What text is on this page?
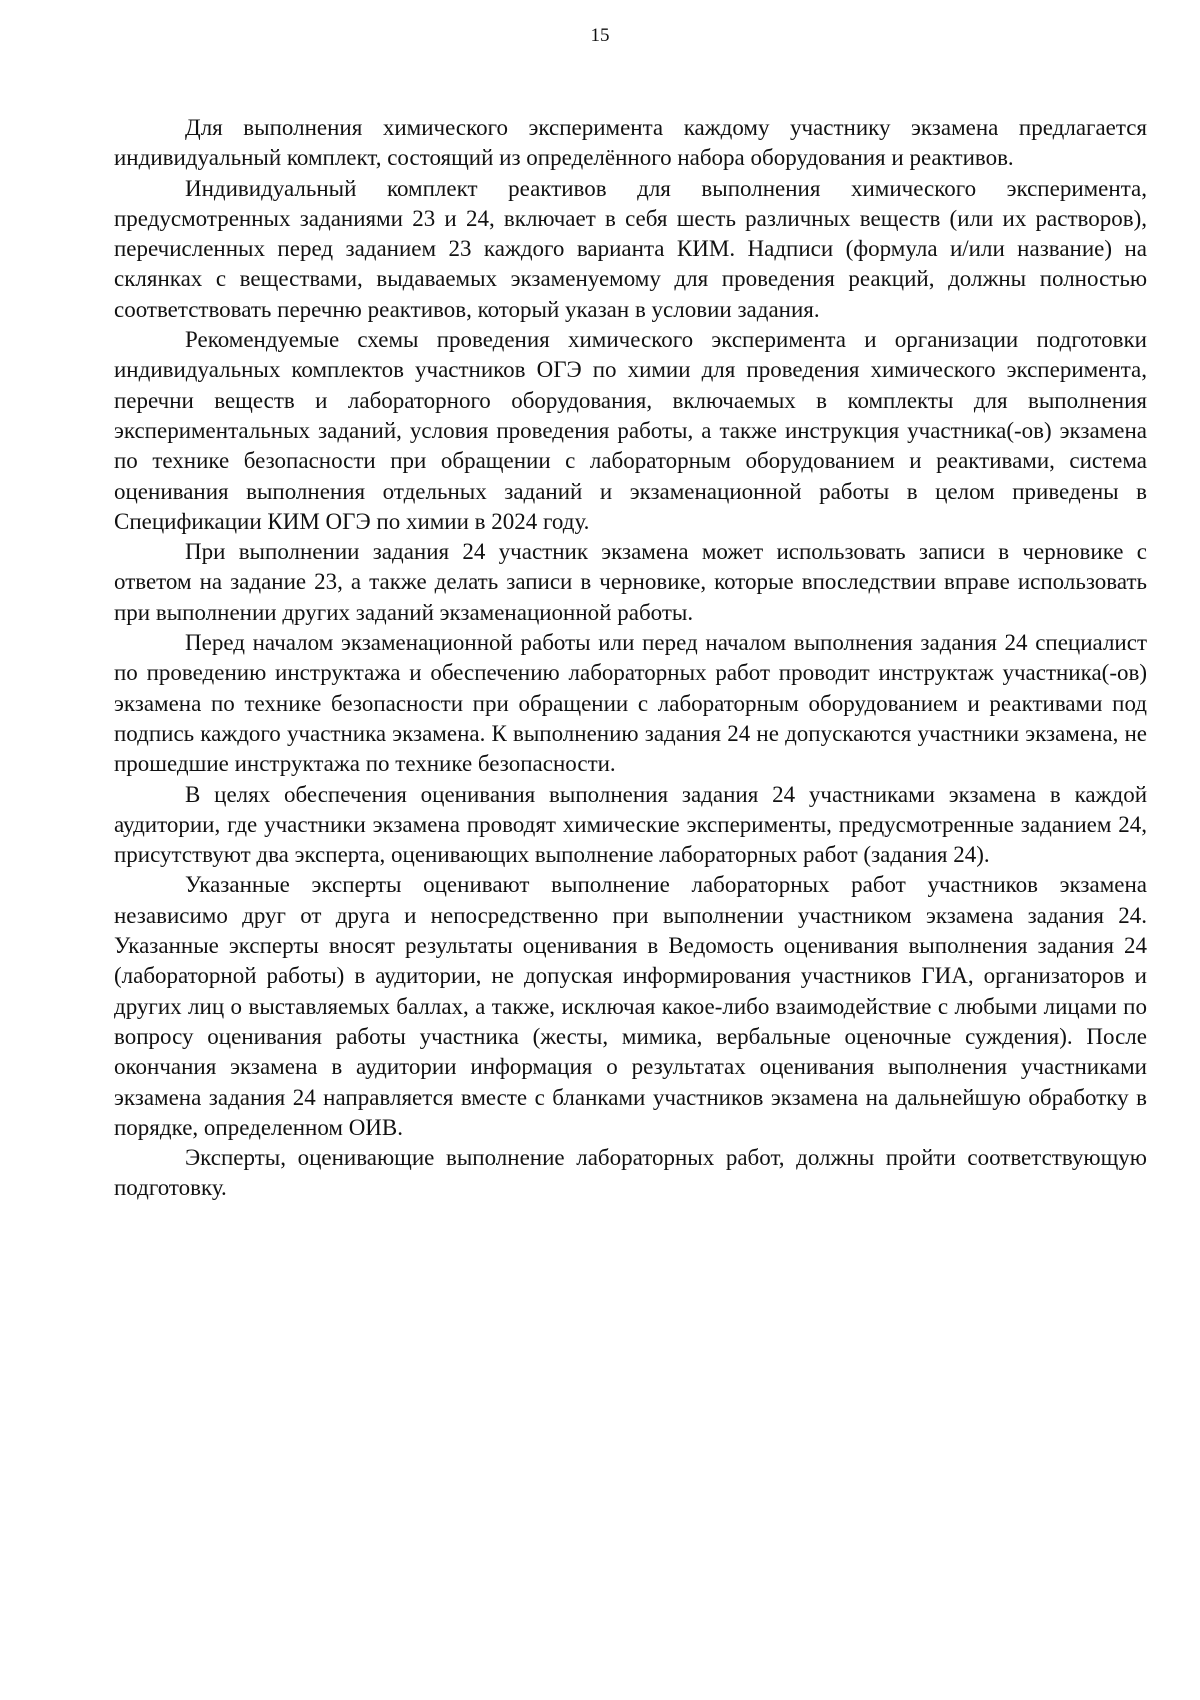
15

Для выполнения химического эксперимента каждому участнику экзамена предлагается индивидуальный комплект, состоящий из определённого набора оборудования и реактивов.

Индивидуальный комплект реактивов для выполнения химического эксперимента, предусмотренных заданиями 23 и 24, включает в себя шесть различных веществ (или их растворов), перечисленных перед заданием 23 каждого варианта КИМ. Надписи (формула и/или название) на склянках с веществами, выдаваемых экзаменуемому для проведения реакций, должны полностью соответствовать перечню реактивов, который указан в условии задания.

Рекомендуемые схемы проведения химического эксперимента и организации подготовки индивидуальных комплектов участников ОГЭ по химии для проведения химического эксперимента, перечни веществ и лабораторного оборудования, включаемых в комплекты для выполнения экспериментальных заданий, условия проведения работы, а также инструкция участника(-ов) экзамена по технике безопасности при обращении с лабораторным оборудованием и реактивами, система оценивания выполнения отдельных заданий и экзаменационной работы в целом приведены в Спецификации КИМ ОГЭ по химии в 2024 году.

При выполнении задания 24 участник экзамена может использовать записи в черновике с ответом на задание 23, а также делать записи в черновике, которые впоследствии вправе использовать при выполнении других заданий экзаменационной работы.

Перед началом экзаменационной работы или перед началом выполнения задания 24 специалист по проведению инструктажа и обеспечению лабораторных работ проводит инструктаж участника(-ов) экзамена по технике безопасности при обращении с лабораторным оборудованием и реактивами под подпись каждого участника экзамена. К выполнению задания 24 не допускаются участники экзамена, не прошедшие инструктажа по технике безопасности.

В целях обеспечения оценивания выполнения задания 24 участниками экзамена в каждой аудитории, где участники экзамена проводят химические эксперименты, предусмотренные заданием 24, присутствуют два эксперта, оценивающих выполнение лабораторных работ (задания 24).

Указанные эксперты оценивают выполнение лабораторных работ участников экзамена независимо друг от друга и непосредственно при выполнении участником экзамена задания 24. Указанные эксперты вносят результаты оценивания в Ведомость оценивания выполнения задания 24 (лабораторной работы) в аудитории, не допуская информирования участников ГИА, организаторов и других лиц о выставляемых баллах, а также, исключая какое-либо взаимодействие с любыми лицами по вопросу оценивания работы участника (жесты, мимика, вербальные оценочные суждения). После окончания экзамена в аудитории информация о результатах оценивания выполнения участниками экзамена задания 24 направляется вместе с бланками участников экзамена на дальнейшую обработку в порядке, определенном ОИВ.

Эксперты, оценивающие выполнение лабораторных работ, должны пройти соответствующую подготовку.
